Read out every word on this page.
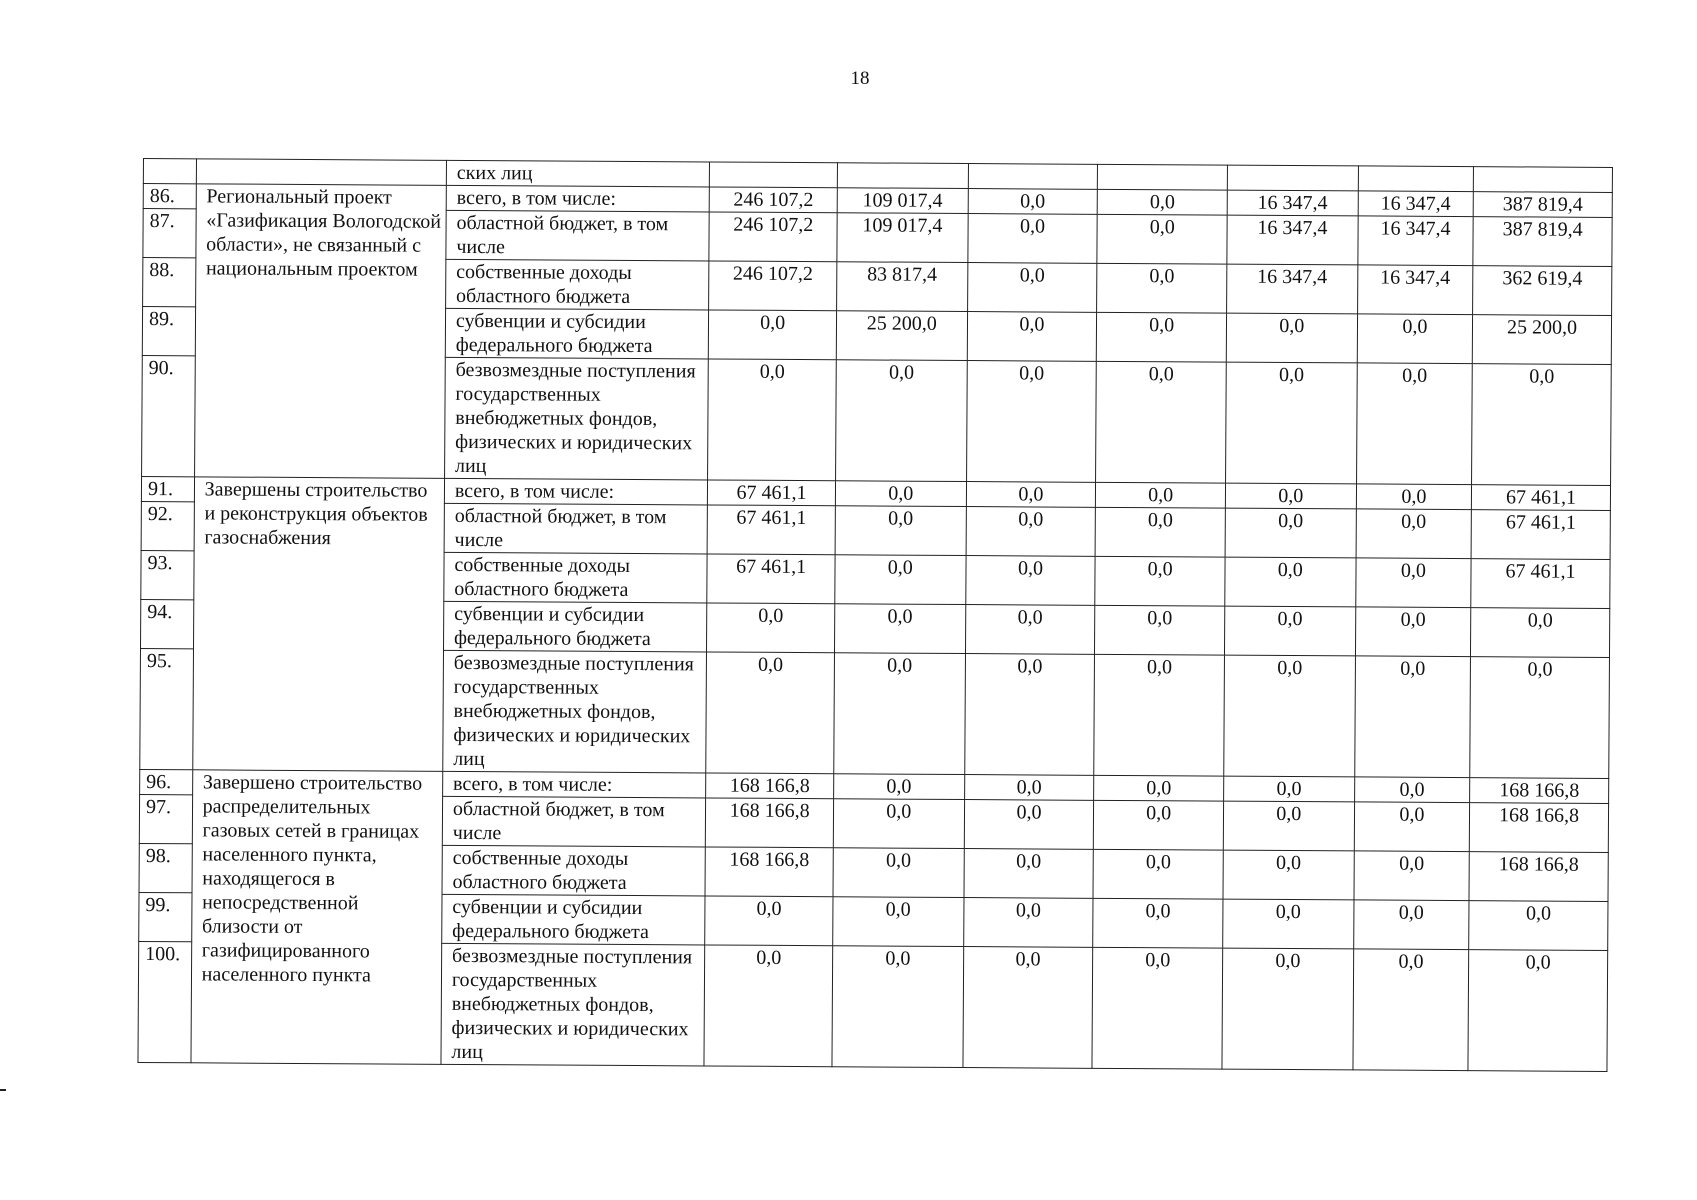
18
		ских лиц							
86.	Региональный проект «Газификация Вологодской области», не связанный с национальным проектом	всего, в том числе:	246 107,2	109 017,4	0,0	0,0	16 347,4	16 347,4	387 819,4
87.		областной бюджет, в том числе	246 107,2	109 017,4	0,0	0,0	16 347,4	16 347,4	387 819,4
88.		собственные доходы областного бюджета	246 107,2	83 817,4	0,0	0,0	16 347,4	16 347,4	362 619,4
89.		субвенции и субсидии федерального бюджета	0,0	25 200,0	0,0	0,0	0,0	0,0	25 200,0
90.		безвозмездные поступления государственных внебюджетных фондов, физических и юридических лиц	0,0	0,0	0,0	0,0	0,0	0,0	0,0
91.	Завершены строительство и реконструкция объектов газоснабжения	всего, в том числе:	67 461,1	0,0	0,0	0,0	0,0	0,0	67 461,1
92.		областной бюджет, в том числе	67 461,1	0,0	0,0	0,0	0,0	0,0	67 461,1
93.		собственные доходы областного бюджета	67 461,1	0,0	0,0	0,0	0,0	0,0	67 461,1
94.		субвенции и субсидии федерального бюджета	0,0	0,0	0,0	0,0	0,0	0,0	0,0
95.		безвозмездные поступления государственных внебюджетных фондов, физических и юридических лиц	0,0	0,0	0,0	0,0	0,0	0,0	0,0
96.	Завершено строительство распределительных газовых сетей в границах населенного пункта, находящегося в непосредственной близости от газифицированного населенного пункта	всего, в том числе:	168 166,8	0,0	0,0	0,0	0,0	0,0	168 166,8
97.		областной бюджет, в том числе	168 166,8	0,0	0,0	0,0	0,0	0,0	168 166,8
98.		собственные доходы областного бюджета	168 166,8	0,0	0,0	0,0	0,0	0,0	168 166,8
99.		субвенции и субсидии федерального бюджета	0,0	0,0	0,0	0,0	0,0	0,0	0,0
100.		безвозмездные поступления государственных внебюджетных фондов, физических и юридических лиц	0,0	0,0	0,0	0,0	0,0	0,0	0,0
